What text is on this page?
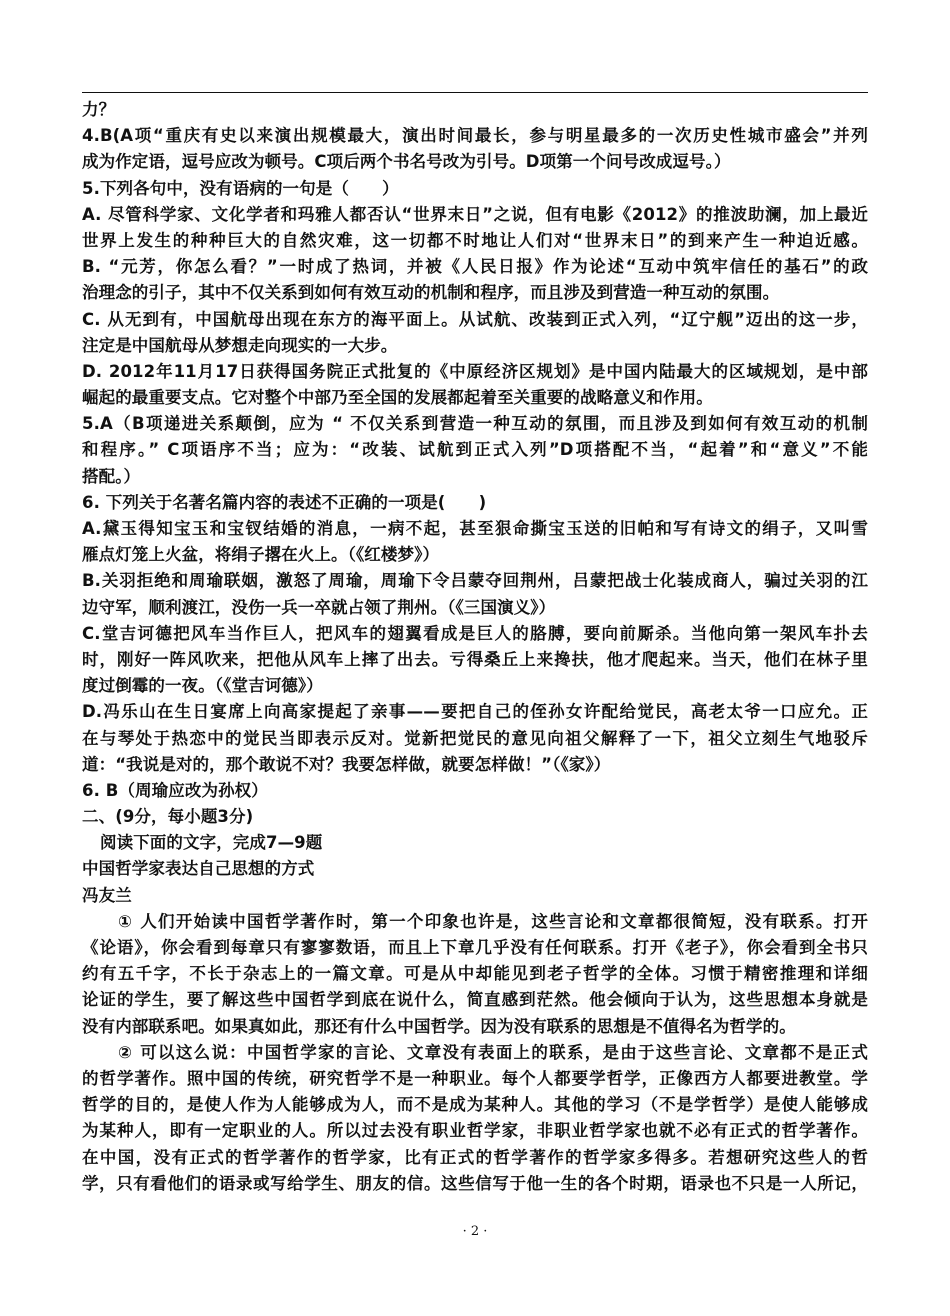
力？
4.B(A项“重庆有史以来演出规模最大，演出时间最长，参与明星最多的一次历史性城市盛会”并列
成为作定语，逗号应改为顿号。C项后两个书名号改为引号。D项第一个问号改成逗号。）
5.下列各句中，没有语病的一句是（　　）
A. 尽管科学家、文化学者和玛雅人都否认“世界末日”之说，但有电影《2012》的推波助澜，加上最近
世界上发生的种种巨大的自然灾难，这一切都不时地让人们对“世界末日”的到来产生一种迫近感。
B. “元芳，你怎么看？”一时成了热词，并被《人民日报》作为论述“互动中筑牢信任的基石”的政
治理念的引子，其中不仅关系到如何有效互动的机制和程序，而且涉及到营造一种互动的氛围。
C. 从无到有，中国航母出现在东方的海平面上。从试航、改装到正式入列，“辽宁舰”迈出的这一步，
注定是中国航母从梦想走向现实的一大步。
D. 2012年11月17日获得国务院正式批复的《中原经济区规划》是中国内陆最大的区域规划，是中部
崛起的最重要支点。它对整个中部乃至全国的发展都起着至关重要的战略意义和作用。
5.A（B项递进关系颠倒，应为 “ 不仅关系到营造一种互动的氛围，而且涉及到如何有效互动的机制
和程序。” C项语序不当；应为：“改装、试航到正式入列”D项搭配不当，“起着”和“意义”不能
搭配。）
6. 下列关于名著名篇内容的表述不正确的一项是(　　)
A.黛玉得知宝玉和宝钗结婚的消息，一病不起，甚至狠命撕宝玉送的旧帕和写有诗文的绢子，又叫雪
雁点灯笼上火盆，将绢子撂在火上。（《红楼梦》）
B.关羽拒绝和周瑜联姻，激怒了周瑜，周瑜下令吕蒙夺回荆州，吕蒙把战士化装成商人，骗过关羽的江
边守军，顺利渡江，没伤一兵一卒就占领了荆州。（《三国演义》）
C.堂吉诃德把风车当作巨人，把风车的翅翼看成是巨人的胳膊，要向前厮杀。当他向第一架风车扑去
时，刚好一阵风吹来，把他从风车上摔了出去。亏得桑丘上来搀扶，他才爬起来。当天，他们在林子里
度过倒霉的一夜。（《堂吉诃德》）
D.冯乐山在生日宴席上向高家提起了亲事——要把自己的侄孙女许配给觉民，高老太爷一口应允。正
在与琴处于热恋中的觉民当即表示反对。觉新把觉民的意见向祖父解释了一下，祖父立刻生气地驳斥
道：“我说是对的，那个敢说不对？我要怎样做，就要怎样做！”（《家》）
6. B（周瑜应改为孙权）
二、(9分，每小题3分)
阅读下面的文字，完成7—9题
中国哲学家表达自己思想的方式
冯友兰
① 人们开始读中国哲学著作时，第一个印象也许是，这些言论和文章都很简短，没有联系。打开
《论语》，你会看到每章只有寥寥数语，而且上下章几乎没有任何联系。打开《老子》，你会看到全书只
约有五千字，不长于杂志上的一篇文章。可是从中却能见到老子哲学的全体。习惯于精密推理和详细
论证的学生，要了解这些中国哲学到底在说什么，简直感到茫然。他会倾向于认为，这些思想本身就是
没有内部联系吧。如果真如此，那还有什么中国哲学。因为没有联系的思想是不值得名为哲学的。
② 可以这么说：中国哲学家的言论、文章没有表面上的联系，是由于这些言论、文章都不是正式
的哲学著作。照中国的传统，研究哲学不是一种职业。每个人都要学哲学，正像西方人都要进教堂。学
哲学的目的，是使人作为人能够成为人，而不是成为某种人。其他的学习（不是学哲学）是使人能够成
为某种人，即有一定职业的人。所以过去没有职业哲学家，非职业哲学家也就不必有正式的哲学著作。
在中国，没有正式的哲学著作的哲学家，比有正式的哲学著作的哲学家多得多。若想研究这些人的哲
学，只有看他们的语录或写给学生、朋友的信。这些信写于他一生的各个时期，语录也不只是一人所记，
· 2 ·
